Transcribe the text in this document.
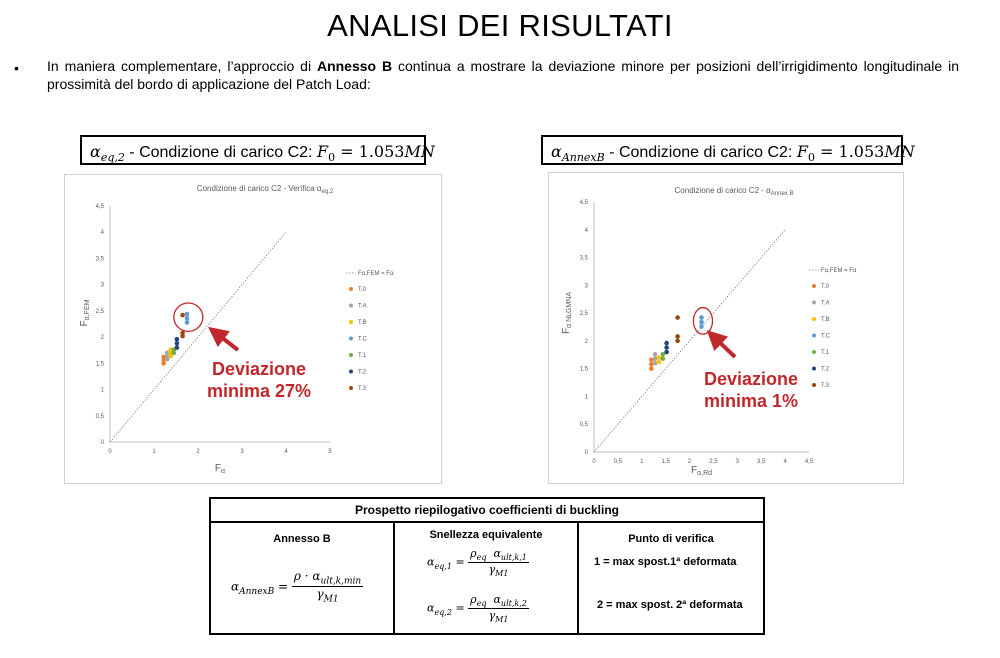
ANALISI DEI RISULTATI
• In maniera complementare, l’approccio di Annesso B continua a mostrare la deviazione minore per posizioni dell’irrigidimento longitudinale in prossimità del bordo di applicazione del Patch Load:
$\alpha_{eq,2}$ - Condizione di carico C2: $F_0 = 1.053MN$	$\alpha_{AnnexB}$ - Condizione di carico C2: $F_0 = 1.053MN$
Condizione di carico C2 - Verifica $\alpha_{eq,2}$
0	1	2	3	4	5
0
0,5
1
1,5
2
2,5
3
3,5
4
4,5
$F_\alpha$
$F_{\alpha,FEM}$
Fα,FEM = Fα
T.0
T.A
T.B
T.C
T.1
T.2
T.3
Condizione di carico $C2 - \alpha_{Annex B}$
0	0,5	1	1,5	2	2,5	3	3,5	4	4,5
0
0,5
1
1,5
2
2,5
3
3,5
4
4,5
$F_{\alpha,Rd}$
$F_{\alpha NLGMNA}$
Fα,FEM = Fα
T.0
T.A
T.B
T.C
T.1
T.2
T.3
Deviazione
minima 27%
Deviazione
minima 1%
Prospetto riepilogativo coefficienti di buckling
Annesso B
$\alpha_{AnnexB} = \frac{\rho \cdot \alpha_{ult,k,min}}{\gamma_{M1}}$
Snellezza equivalente
$\alpha_{eq,1} = \frac{\rho_{eq} \alpha_{ult,k,1}}{\gamma_{M1}}$
$\alpha_{eq,2} = \frac{\rho_{eq} \alpha_{ult,k,2}}{\gamma_{M1}}$
Punto di verifica
1 = max spost.1ª deformata
2 = max spost. 2ª deformata
